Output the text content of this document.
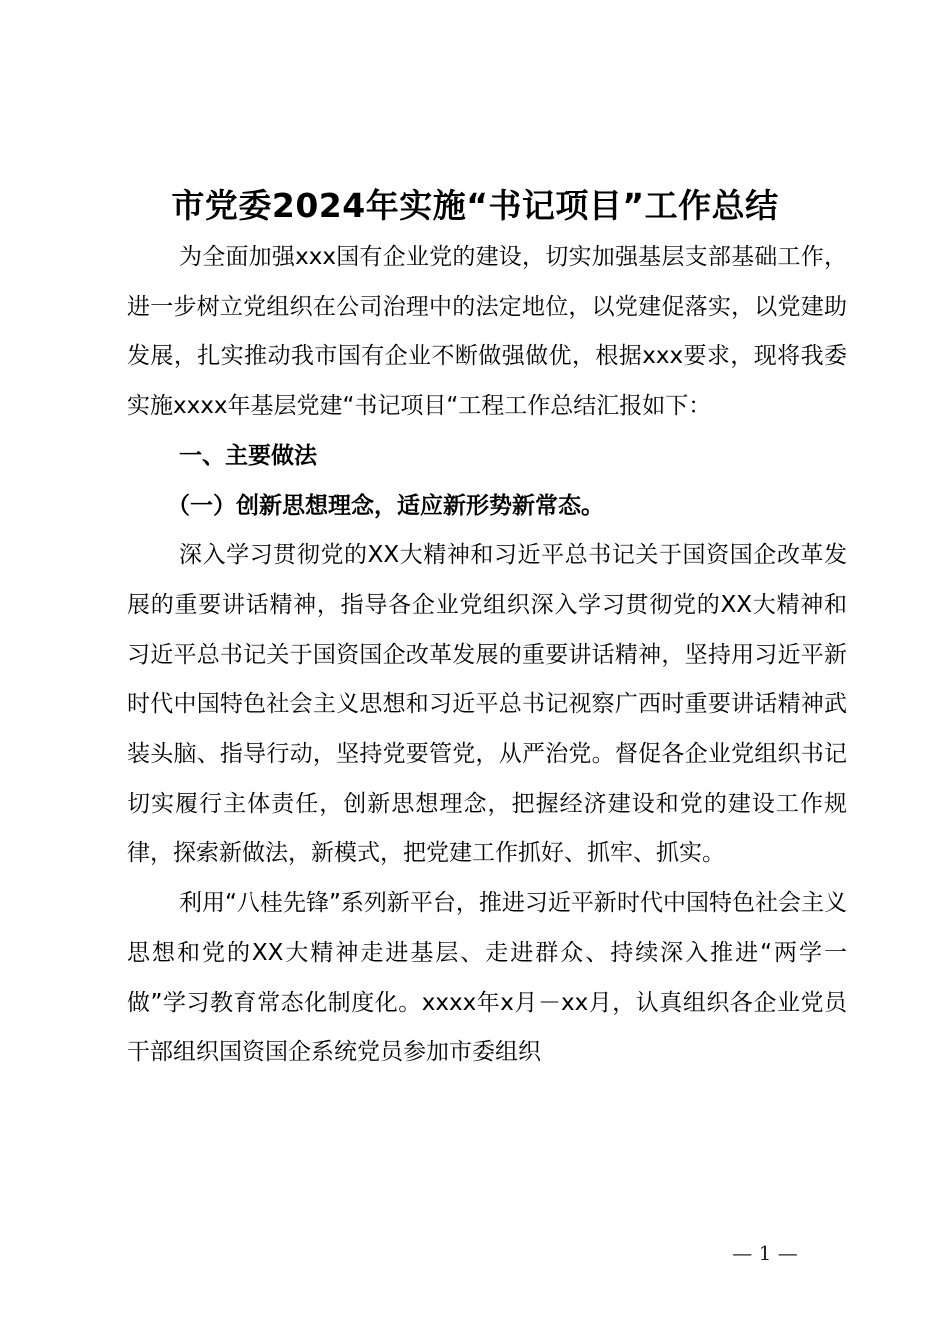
市党委2024年实施“书记项目”工作总结

为全面加强xxx国有企业党的建设，切实加强基层支部基础工作，进一步树立党组织在公司治理中的法定地位，以党建促落实，以党建助发展，扎实推动我市国有企业不断做强做优，根据xxx要求，现将我委实施xxxx年基层党建“书记项目“工程工作总结汇报如下：

一、主要做法

（一）创新思想理念，适应新形势新常态。

深入学习贯彻党的XX大精神和习近平总书记关于国资国企改革发展的重要讲话精神，指导各企业党组织深入学习贯彻党的XX大精神和习近平总书记关于国资国企改革发展的重要讲话精神，坚持用习近平新时代中国特色社会主义思想和习近平总书记视察广西时重要讲话精神武装头脑、指导行动，坚持党要管党，从严治党。督促各企业党组织书记切实履行主体责任，创新思想理念，把握经济建设和党的建设工作规律，探索新做法，新模式，把党建工作抓好、抓牢、抓实。

利用“八桂先锋”系列新平台，推进习近平新时代中国特色社会主义思想和党的XX大精神走进基层、走进群众、持续深入推进“两学一做”学习教育常态化制度化。xxxx年x月－xx月，认真组织各企业党员干部组织国资国企系统党员参加市委组织

— 1 —
